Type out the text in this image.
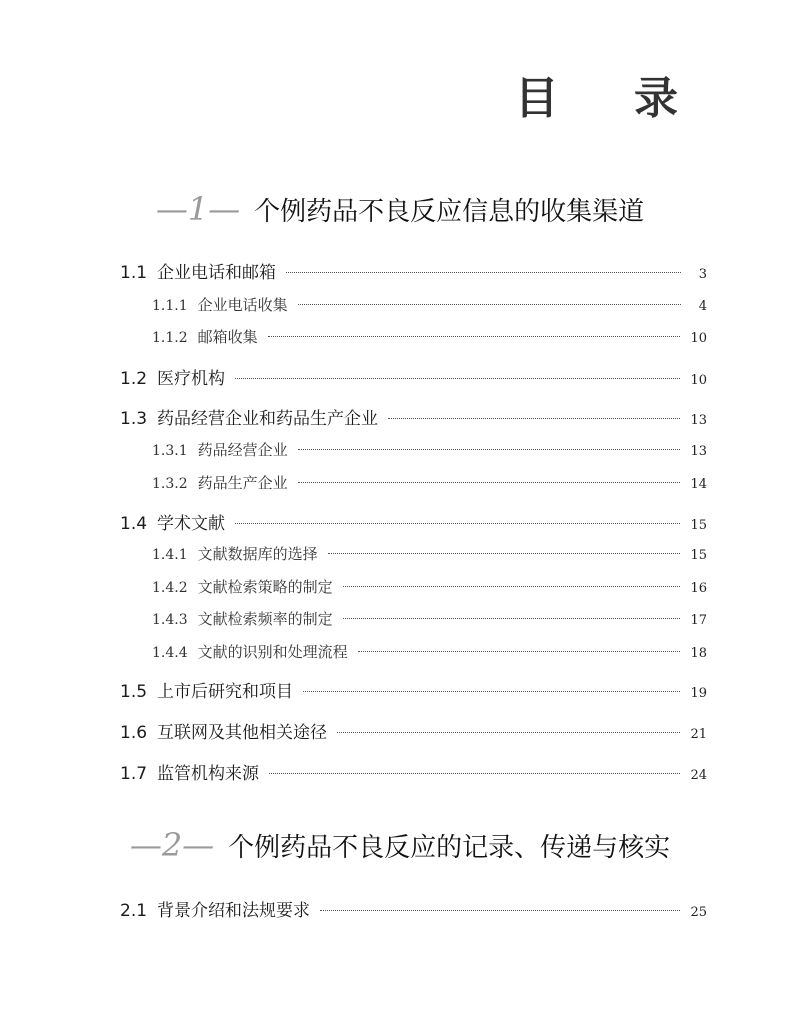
目 录
—1— 个例药品不良反应信息的收集渠道
1.1 企业电话和邮箱	3
1.1.1 企业电话收集	4
1.1.2 邮箱收集	10
1.2 医疗机构	10
1.3 药品经营企业和药品生产企业	13
1.3.1 药品经营企业	13
1.3.2 药品生产企业	14
1.4 学术文献	15
1.4.1 文献数据库的选择	15
1.4.2 文献检索策略的制定	16
1.4.3 文献检索频率的制定	17
1.4.4 文献的识别和处理流程	18
1.5 上市后研究和项目	19
1.6 互联网及其他相关途径	21
1.7 监管机构来源	24
—2— 个例药品不良反应的记录、传递与核实
2.1 背景介绍和法规要求	25
